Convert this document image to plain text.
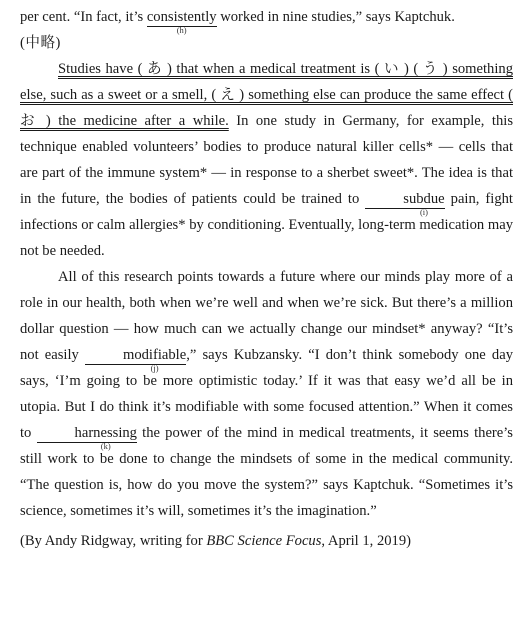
per cent. “In fact, it’s consistently
(h)
worked in nine studies,” says Kaptchuk.

(中略)

Studies have ( あ ) that when a medical treatment is ( い ) ( う ) something else, such as a sweet or a smell, ( え ) something else can produce the same effect ( お ) the medicine after a while. In one study in Germany, for example, this technique enabled volunteers’ bodies to produce natural killer cells* — cells that are part of the immune system* — in response to a sherbet sweet*. The idea is that in the future, the bodies of patients could be trained to	subdue
(i)
pain, fight infections or calm allergies* by conditioning. Eventually, long-term medication may not be needed.

All of this research points towards a future where our minds play more of a role in our health, both when we’re well and when we’re sick. But there’s a million dollar question — how much can we actually change our mindset* anyway? “It’s not easily	modifiable
(j)
,” says Kubzansky. “I don’t think somebody one day says, ‘I’m going to be more optimistic today.’ If it was that easy we’d all be in utopia. But I do think it’s modifiable with some focused attention.” When it comes to	harnessing
(k)
the power of the mind in medical treatments, it seems there’s still work to be done to change the mindsets of some in the medical community. “The question is, how do you move the system?” says Kaptchuk. “Sometimes it’s science, sometimes it’s will, sometimes it’s the imagination.”

(By Andy Ridgway, writing for BBC Science Focus, April 1, 2019)
